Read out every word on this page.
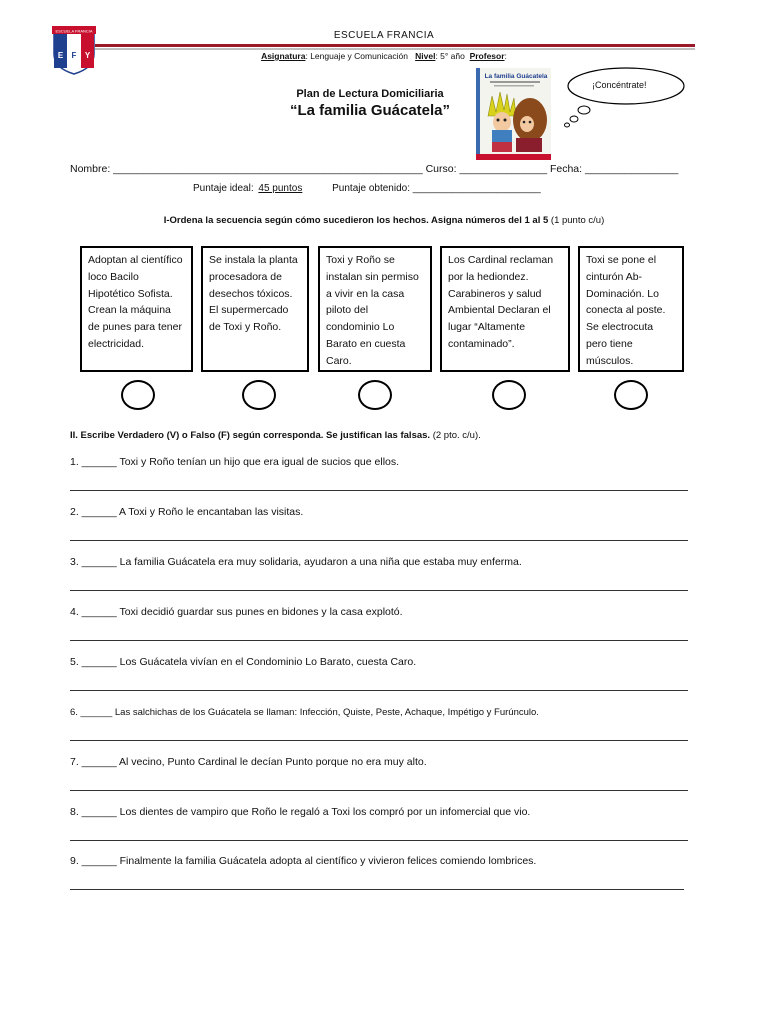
ESCUELA FRANCIA
E F Y
ESCUELA FRANCIA
Asignatura: Lenguaje y Comunicación Nivel: 5° año Profesor:
Plan de Lectura Domiciliaria
“La familia Guácatela”
La familia Guácatela
¡Concéntrate!
Nombre: _____________________________________________________ Curso: _______________ Fecha: ________________
Puntaje ideal: 45 puntos	Puntaje obtenido: _______________________
I-Ordena la secuencia según cómo sucedieron los hechos. Asigna números del 1 al 5 (1 punto c/u)
Adoptan al científico loco Bacilo Hipotético Sofista. Crean la máquina de punes para tener electricidad.
Se instala la planta procesadora de desechos tóxicos. El supermercado de Toxi y Roño.
Toxi y Roño se instalan sin permiso a vivir en la casa piloto del condominio Lo Barato en cuesta Caro.
Los Cardinal reclaman por la hediondez. Carabineros y salud Ambiental Declaran el lugar “Altamente contaminado”.
Toxi se pone el cinturón Ab-Dominación. Lo conecta al poste. Se electrocuta pero tiene músculos.
II. Escribe Verdadero (V) o Falso (F) según corresponda. Se justifican las falsas. (2 pto. c/u).
1. ______ Toxi y Roño tenían un hijo que era igual de sucios que ellos.
2. ______ A Toxi y Roño le encantaban las visitas.
3. ______ La familia Guácatela era muy solidaria, ayudaron a una niña que estaba muy enferma.
4. ______ Toxi decidió guardar sus punes en bidones y la casa explotó.
5. ______ Los Guácatela vivían en el Condominio Lo Barato, cuesta Caro.
6. ______ Las salchichas de los Guácatela se llaman: Infección, Quiste, Peste, Achaque, Impétigo y Furúnculo.
7. ______ Al vecino, Punto Cardinal le decían Punto porque no era muy alto.
8. ______ Los dientes de vampiro que Roño le regaló a Toxi los compró por un infomercial que vio.
9. ______ Finalmente la familia Guácatela adopta al científico y vivieron felices comiendo lombrices.
